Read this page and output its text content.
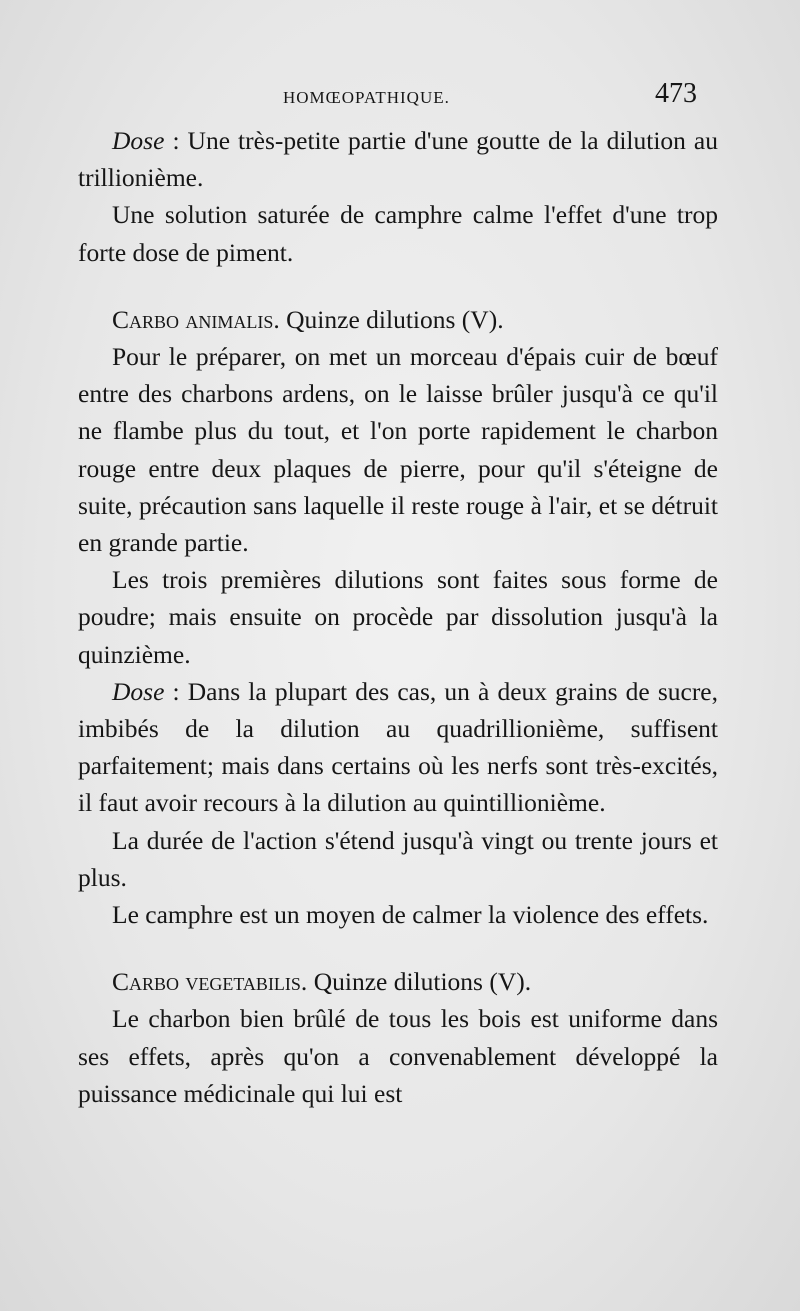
HOMŒOPATHIQUE.	473

Dose : Une très-petite partie d'une goutte de la dilution au trillionième.

Une solution saturée de camphre calme l'effet d'une trop forte dose de piment.

Carbo animalis. Quinze dilutions (V).

Pour le préparer, on met un morceau d'épais cuir de bœuf entre des charbons ardens, on le laisse brûler jusqu'à ce qu'il ne flambe plus du tout, et l'on porte rapidement le charbon rouge entre deux plaques de pierre, pour qu'il s'éteigne de suite, précaution sans laquelle il reste rouge à l'air, et se détruit en grande partie.

Les trois premières dilutions sont faites sous forme de poudre; mais ensuite on procède par dissolution jusqu'à la quinzième.

Dose : Dans la plupart des cas, un à deux grains de sucre, imbibés de la dilution au quadrillionième, suffisent parfaitement; mais dans certains où les nerfs sont très-excités, il faut avoir recours à la dilution au quintillionième.

La durée de l'action s'étend jusqu'à vingt ou trente jours et plus.

Le camphre est un moyen de calmer la violence des effets.

Carbo vegetabilis. Quinze dilutions (V).

Le charbon bien brûlé de tous les bois est uniforme dans ses effets, après qu'on a convenablement développé la puissance médicinale qui lui est
